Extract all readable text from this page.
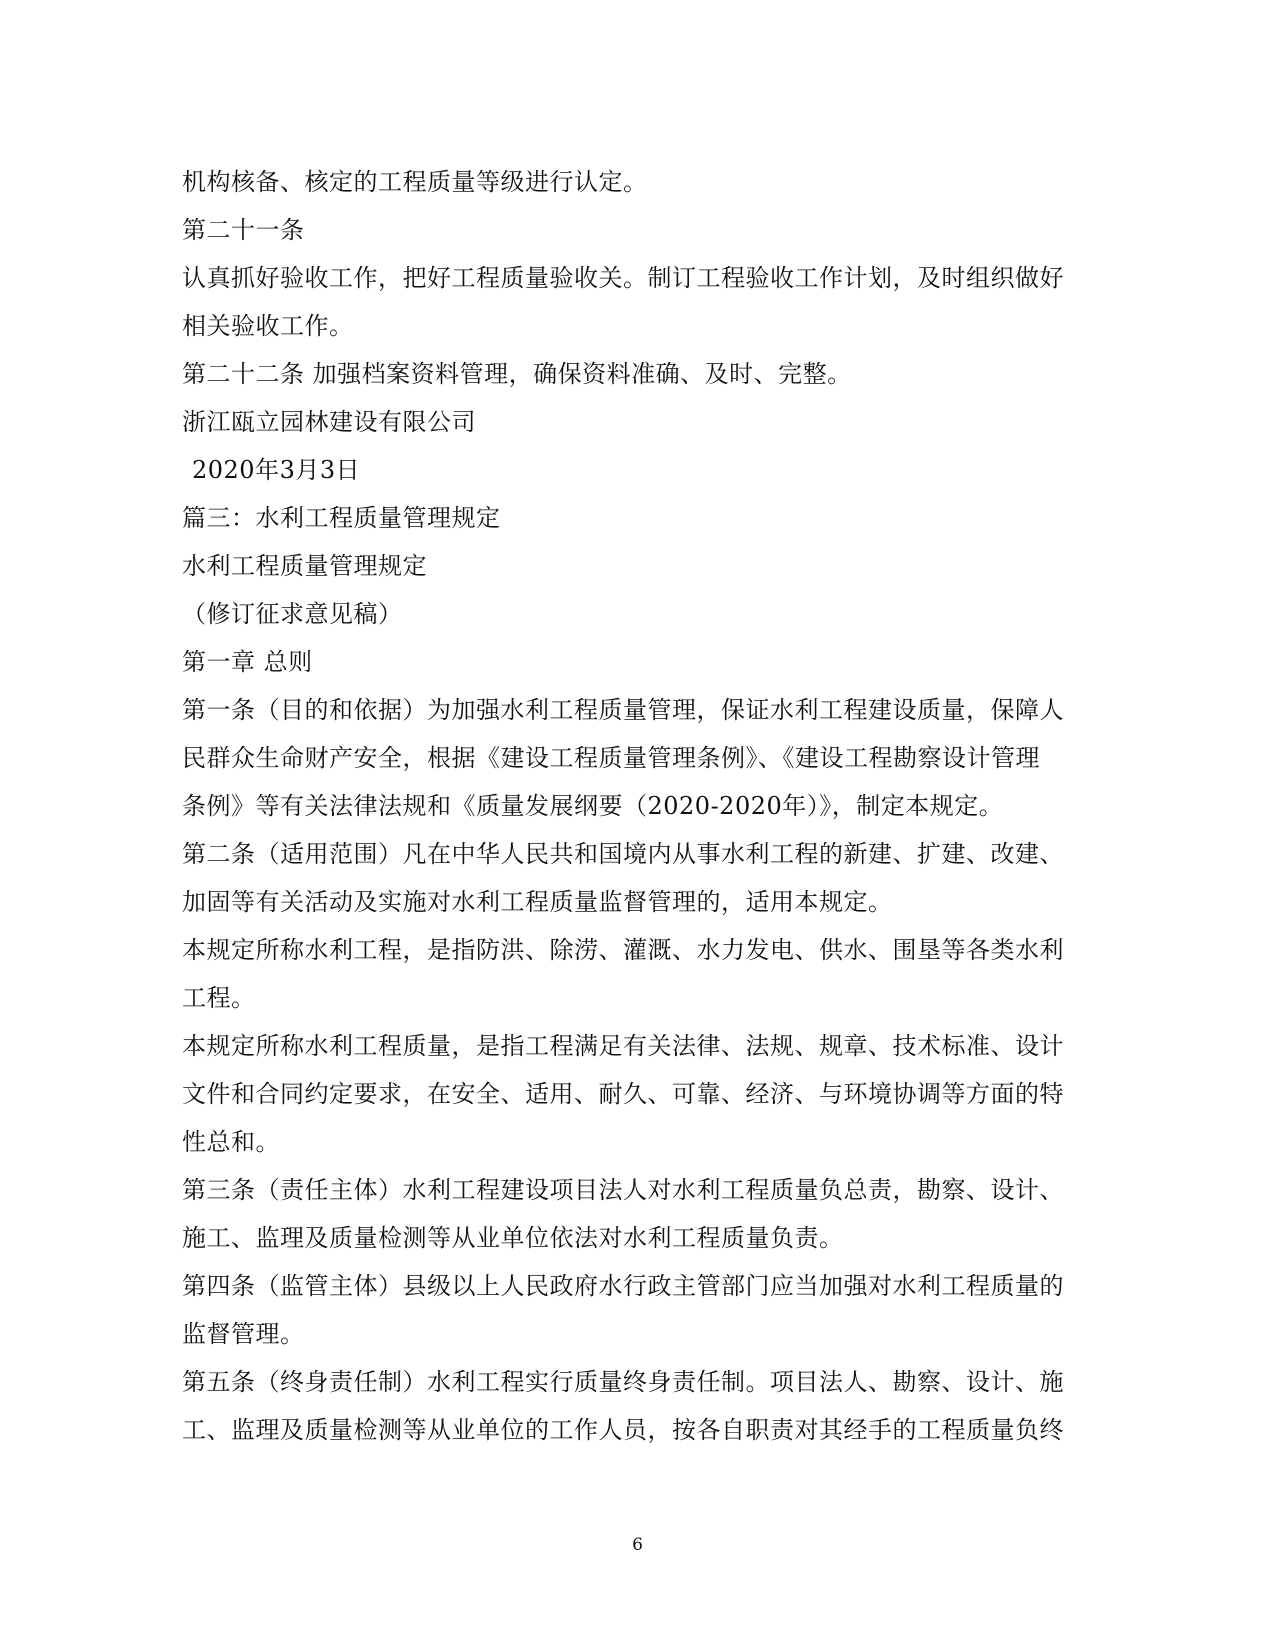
机构核备、核定的工程质量等级进行认定。
第二十一条
认真抓好验收工作，把好工程质量验收关。制订工程验收工作计划，及时组织做好
相关验收工作。
第二十二条 加强档案资料管理，确保资料准确、及时、完整。
浙江瓯立园林建设有限公司
2020年3月3日
篇三：水利工程质量管理规定
水利工程质量管理规定
（修订征求意见稿）
第一章 总则
第一条（目的和依据）为加强水利工程质量管理，保证水利工程建设质量，保障人
民群众生命财产安全，根据《建设工程质量管理条例》、《建设工程勘察设计管理
条例》等有关法律法规和《质量发展纲要（2020-2020年）》，制定本规定。
第二条（适用范围）凡在中华人民共和国境内从事水利工程的新建、扩建、改建、
加固等有关活动及实施对水利工程质量监督管理的，适用本规定。
本规定所称水利工程，是指防洪、除涝、灌溉、水力发电、供水、围垦等各类水利
工程。
本规定所称水利工程质量，是指工程满足有关法律、法规、规章、技术标准、设计
文件和合同约定要求，在安全、适用、耐久、可靠、经济、与环境协调等方面的特
性总和。
第三条（责任主体）水利工程建设项目法人对水利工程质量负总责，勘察、设计、
施工、监理及质量检测等从业单位依法对水利工程质量负责。
第四条（监管主体）县级以上人民政府水行政主管部门应当加强对水利工程质量的
监督管理。
第五条（终身责任制）水利工程实行质量终身责任制。项目法人、勘察、设计、施
工、监理及质量检测等从业单位的工作人员，按各自职责对其经手的工程质量负终
6
